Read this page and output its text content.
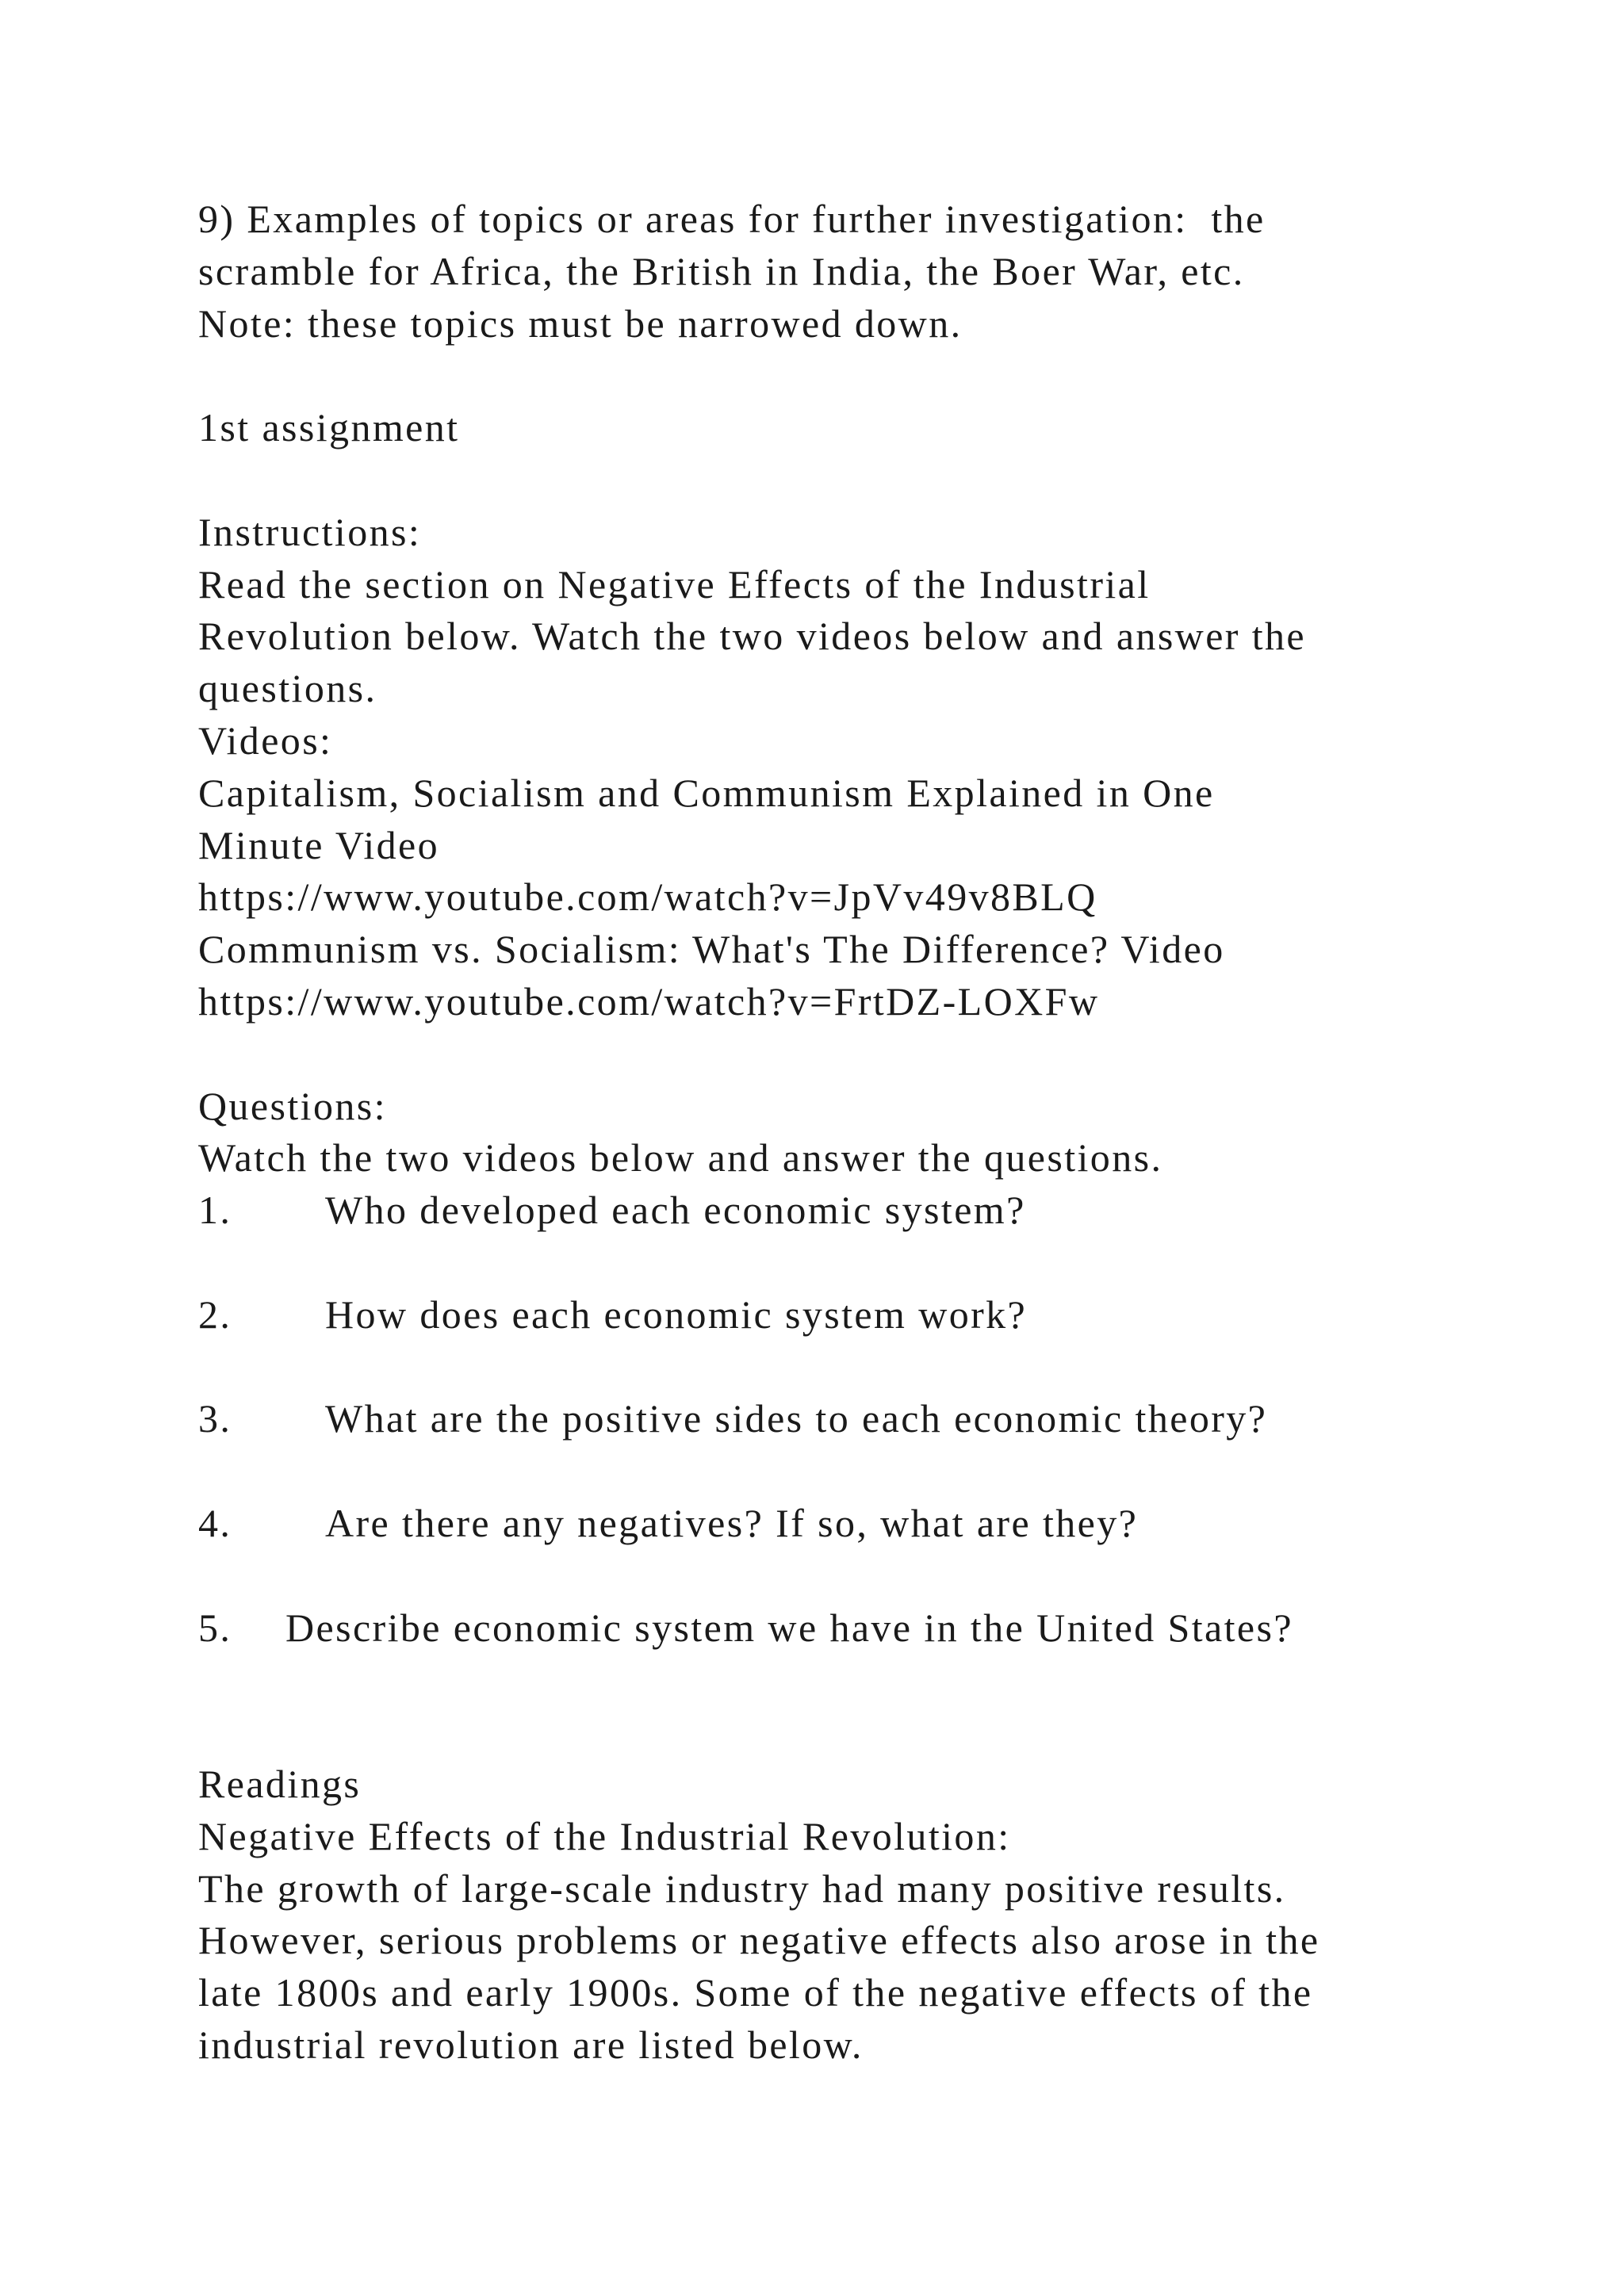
9) Examples of topics or areas for further investigation:  the
scramble for Africa, the British in India, the Boer War, etc.
Note: these topics must be narrowed down.
1st assignment
Instructions:
Read the section on Negative Effects of the Industrial
Revolution below. Watch the two videos below and answer the
questions.
Videos:
Capitalism, Socialism and Communism Explained in One
Minute Video
https://www.youtube.com/watch?v=JpVv49v8BLQ
Communism vs. Socialism: What's The Difference? Video
https://www.youtube.com/watch?v=FrtDZ-LOXFw
Questions:
Watch the two videos below and answer the questions.
1. Who developed each economic system?
2. How does each economic system work?
3. What are the positive sides to each economic theory?
4. Are there any negatives? If so, what are they?
5. Describe economic system we have in the United States?
Readings
Negative Effects of the Industrial Revolution:
The growth of large-scale industry had many positive results.
However, serious problems or negative effects also arose in the
late 1800s and early 1900s. Some of the negative effects of the
industrial revolution are listed below.
